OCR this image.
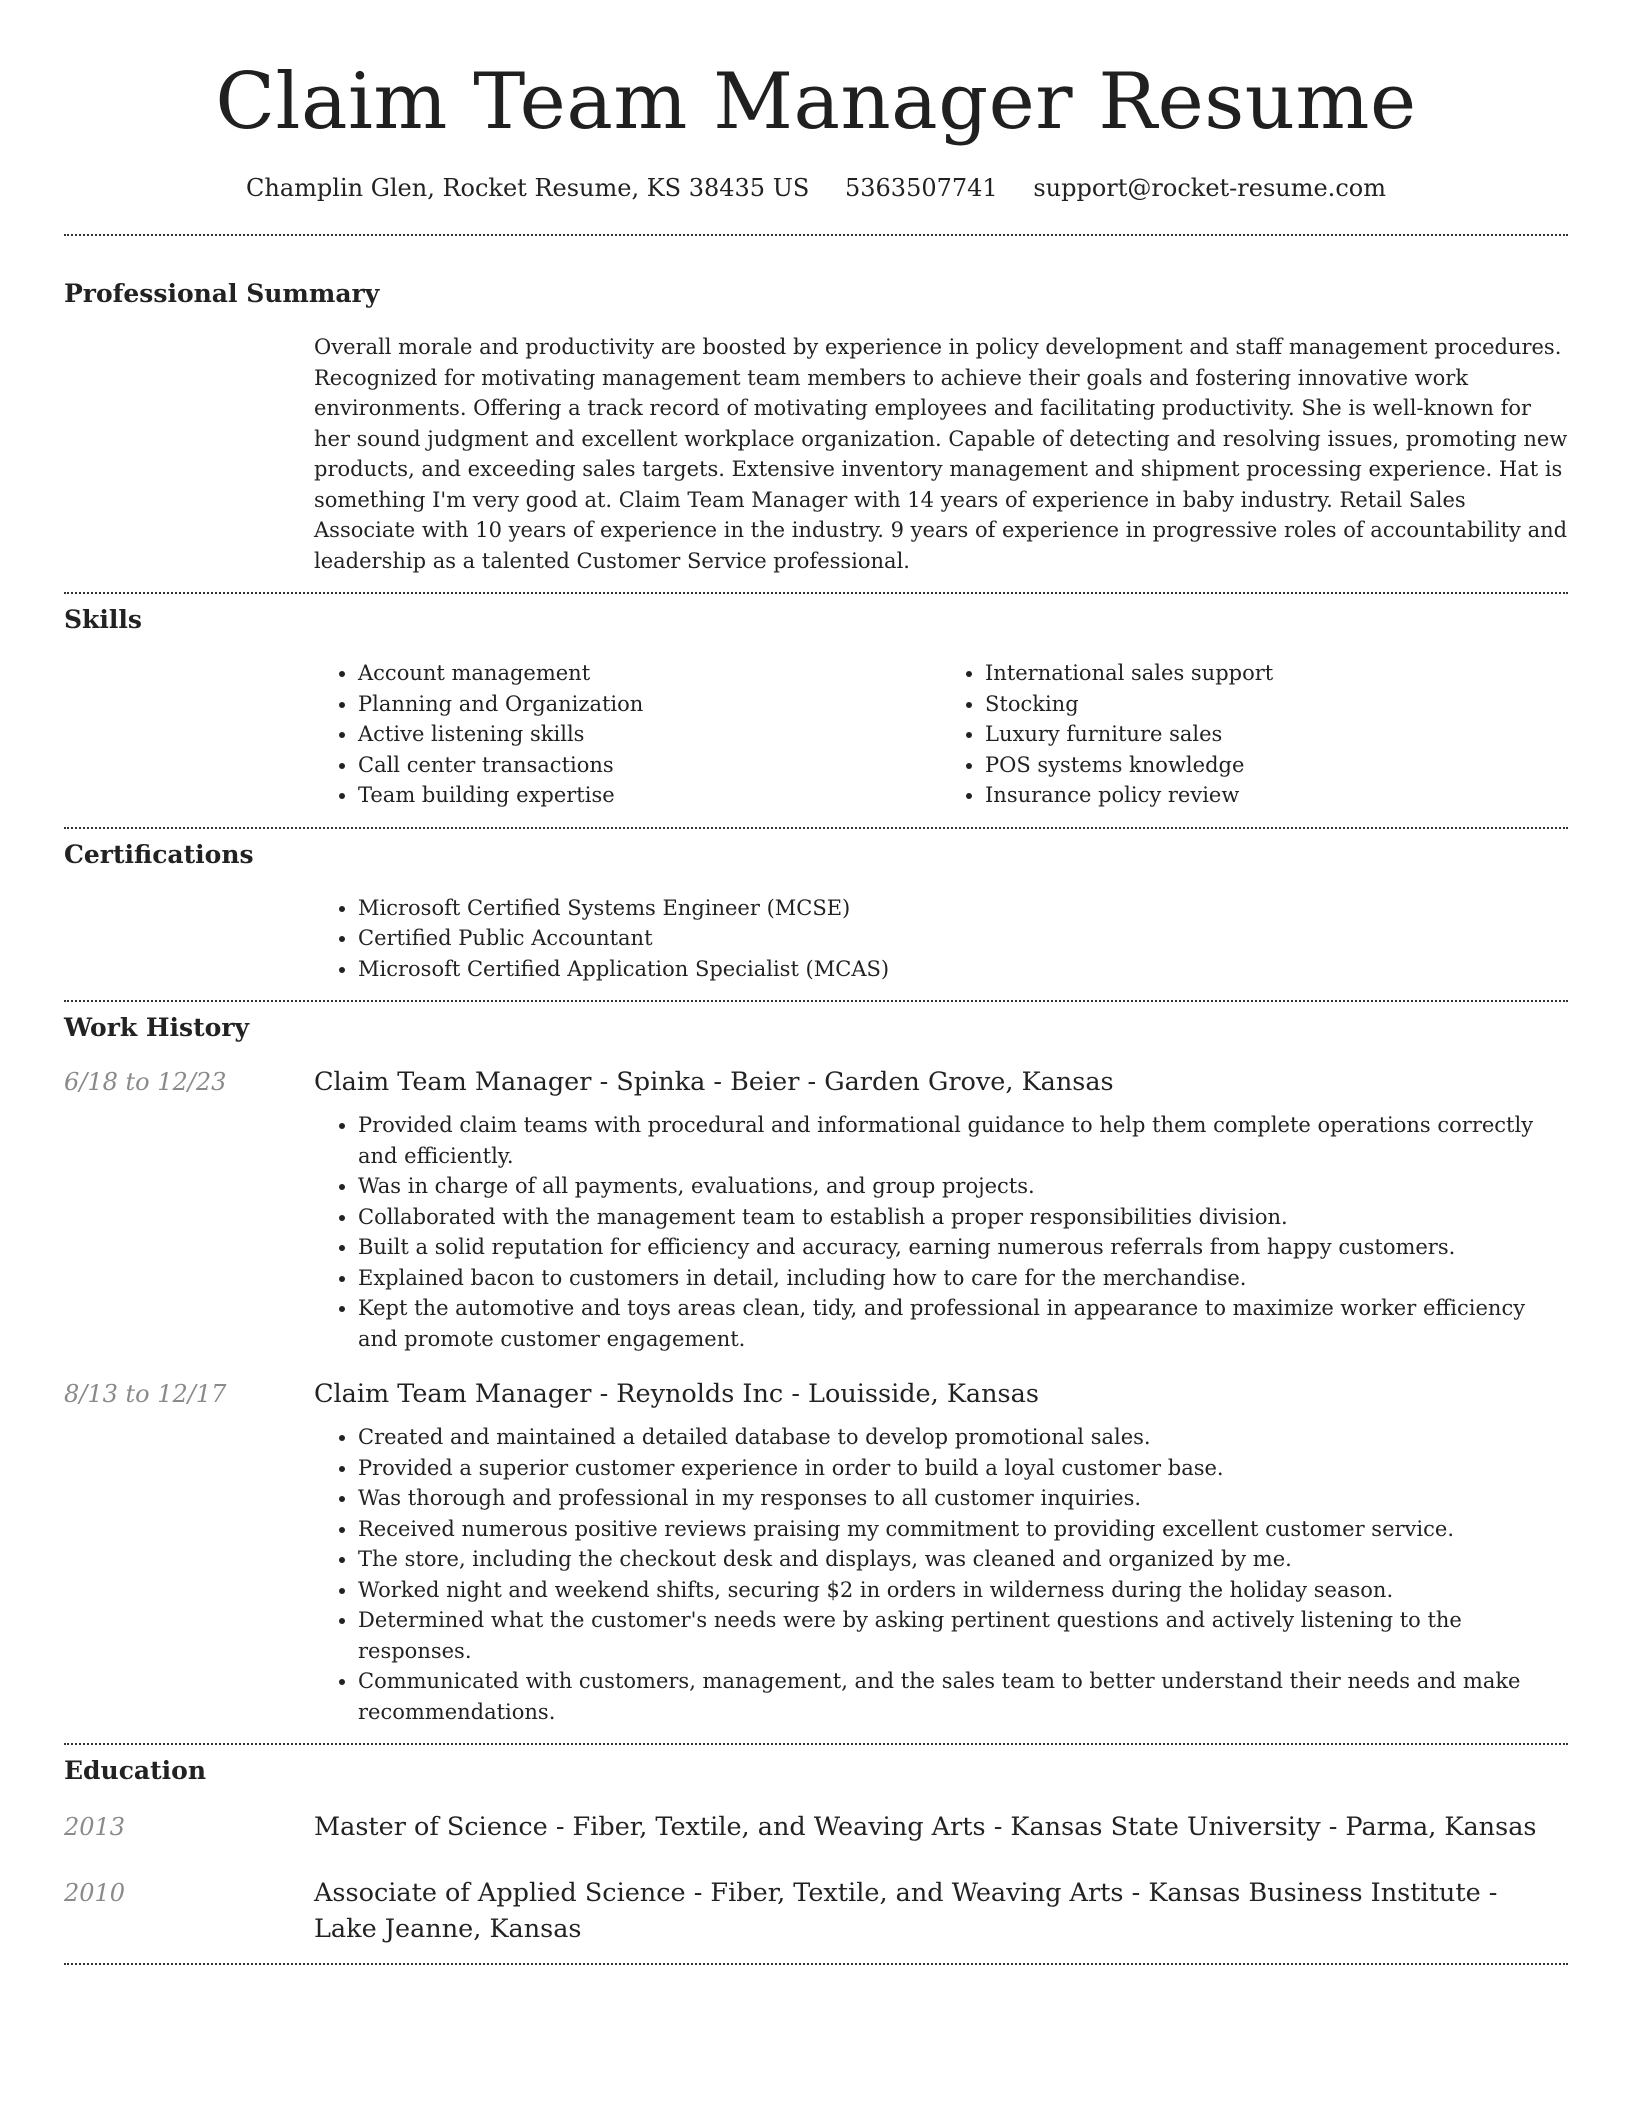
Claim Team Manager Resume
Champlin Glen, Rocket Resume, KS 38435 US 5363507741 support@rocket-resume.com
Professional Summary

Overall morale and productivity are boosted by experience in policy development and staff management procedures. Recognized for motivating management team members to achieve their goals and fostering innovative work environments. Offering a track record of motivating employees and facilitating productivity. She is well-known for her sound judgment and excellent workplace organization. Capable of detecting and resolving issues, promoting new products, and exceeding sales targets. Extensive inventory management and shipment processing experience. Hat is something I'm very good at. Claim Team Manager with 14 years of experience in baby industry. Retail Sales Associate with 10 years of experience in the industry. 9 years of experience in progressive roles of accountability and leadership as a talented Customer Service professional.

Skills
• Account management
• Planning and Organization
• Active listening skills
• Call center transactions
• Team building expertise
• International sales support
• Stocking
• Luxury furniture sales
• POS systems knowledge
• Insurance policy review
Certifications
• Microsoft Certified Systems Engineer (MCSE)
• Certified Public Accountant
• Microsoft Certified Application Specialist (MCAS)
Work History
6/18 to 12/23	Claim Team Manager - Spinka - Beier - Garden Grove, Kansas
• Provided claim teams with procedural and informational guidance to help them complete operations correctly and efficiently.
• Was in charge of all payments, evaluations, and group projects.
• Collaborated with the management team to establish a proper responsibilities division.
• Built a solid reputation for efficiency and accuracy, earning numerous referrals from happy customers.
• Explained bacon to customers in detail, including how to care for the merchandise.
• Kept the automotive and toys areas clean, tidy, and professional in appearance to maximize worker efficiency and promote customer engagement.
8/13 to 12/17	Claim Team Manager - Reynolds Inc - Louisside, Kansas
• Created and maintained a detailed database to develop promotional sales.
• Provided a superior customer experience in order to build a loyal customer base.
• Was thorough and professional in my responses to all customer inquiries.
• Received numerous positive reviews praising my commitment to providing excellent customer service.
• The store, including the checkout desk and displays, was cleaned and organized by me.
• Worked night and weekend shifts, securing $2 in orders in wilderness during the holiday season.
• Determined what the customer's needs were by asking pertinent questions and actively listening to the responses.
• Communicated with customers, management, and the sales team to better understand their needs and make recommendations.
Education
2013	Master of Science - Fiber, Textile, and Weaving Arts - Kansas State University - Parma, Kansas
2010	Associate of Applied Science - Fiber, Textile, and Weaving Arts - Kansas Business Institute - Lake Jeanne, Kansas
